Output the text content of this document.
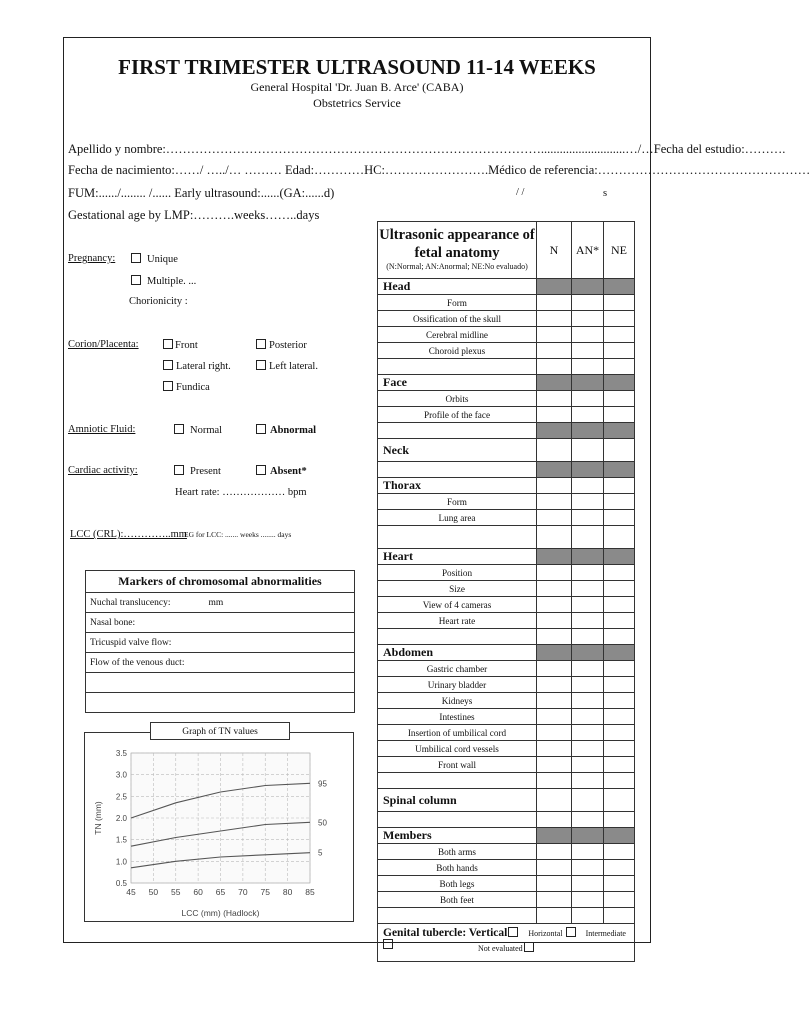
FIRST TRIMESTER ULTRASOUND 11-14 WEEKS
General Hospital 'Dr. Juan B. Arce' (CABA)
Obstetrics Service
Apellido y nombre:………………………………………………………………………………...........................…/…Fecha del estudio:……….
Fecha de nacimiento:……/ …../… ……… Edad:…………HC:…………………….Médico de referencia:……………………………………………
FUM:....../........ /...... Early ultrasound:......(GA:......d)	/ /	s
Gestational age by LMP:……….weeks……..days
Pregnancy:	Unique
Multiple. ...
Chorionicity :
Corion/Placenta:	Front	Posterior
Lateral right.	Left lateral.
Fundica
Amniotic Fluid:	Normal	Abnormal
Cardiac activity:	Present	Absent*
Heart rate: ……………… bpm
LCC (CRL):…………..mm
EG for LCC: ....... weeks ........ days
Markers of chromosomal abnormalities
Nuchal translucency:	mm
Nasal bone:
Tricuspid valve flow:
Flow of the venous duct:

0.5
1.0
1.5
2.0
2.5
3.0
3.5
45 50 55 60 65 70 75 80 85
95
50
5
LCC (mm) (Hadlock)
TN (mm)
Graph of TN values
Ultrasonic appearance of fetal anatomy
(N:Normal; AN:Anormal; NE:No evaluado)	N	AN*	NE
Head			
Form			
Ossification of the skull			
Cerebral midline			
Choroid plexus			

Face			
Orbits			
Profile of the face			

Neck			

Thorax			
Form			
Lung area			

Heart			
Position			
Size			
View of 4 cameras			
Heart rate			

Abdomen			
Gastric chamber			
Urinary bladder			
Kidneys			
Intestines			
Insertion of umbilical cord			
Umbilical cord vessels			
Front wall			

Spinal column			

Members			
Both arms			
Both hands			
Both legs			
Both feet			

Genital tubercle: Vertical Horizontal Intermediate
Not evaluated			
